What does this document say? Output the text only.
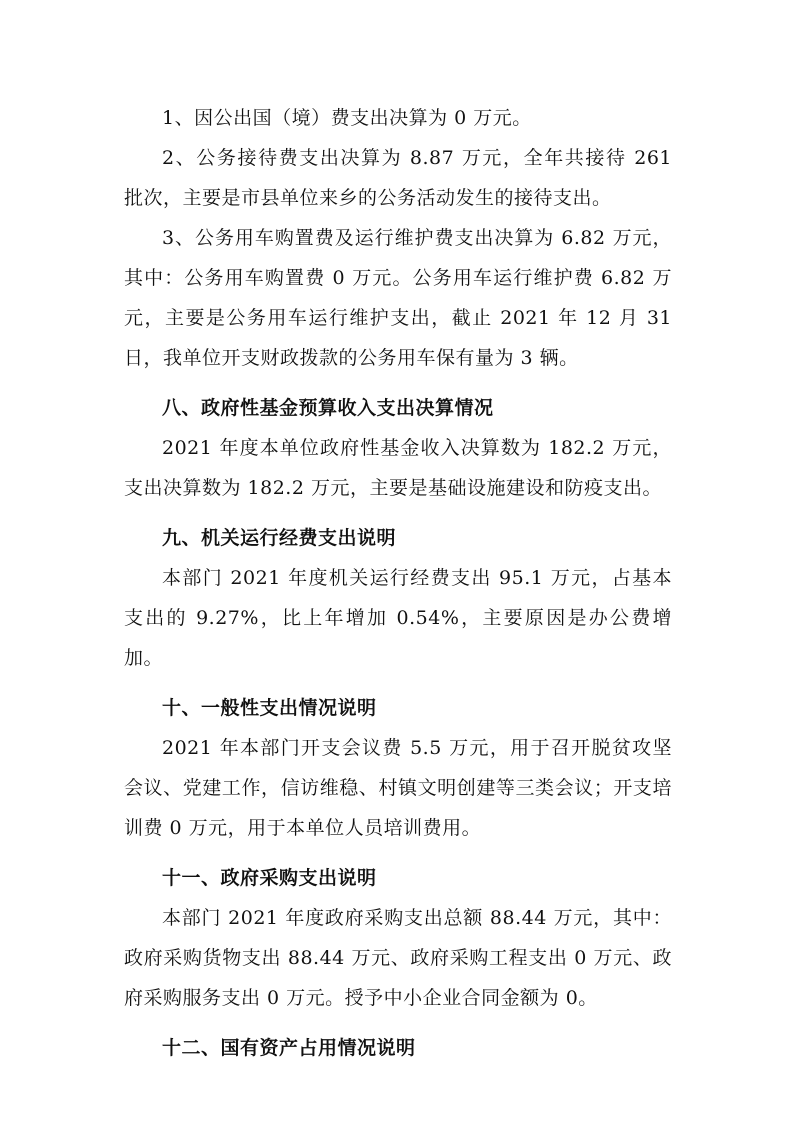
1、因公出国（境）费支出决算为 0 万元。

2、公务接待费支出决算为 8.87 万元，全年共接待 261 批次，主要是市县单位来乡的公务活动发生的接待支出。

3、公务用车购置费及运行维护费支出决算为 6.82 万元，其中：公务用车购置费 0 万元。公务用车运行维护费 6.82 万元，主要是公务用车运行维护支出，截止 2021 年 12 月 31 日，我单位开支财政拨款的公务用车保有量为 3 辆。

八、政府性基金预算收入支出决算情况

2021 年度本单位政府性基金收入决算数为 182.2 万元，支出决算数为 182.2 万元，主要是基础设施建设和防疫支出。

九、机关运行经费支出说明

本部门 2021 年度机关运行经费支出 95.1 万元，占基本支出的 9.27%，比上年增加 0.54%，主要原因是办公费增加。

十、一般性支出情况说明

2021 年本部门开支会议费 5.5 万元，用于召开脱贫攻坚会议、党建工作，信访维稳、村镇文明创建等三类会议；开支培训费 0 万元，用于本单位人员培训费用。

十一、政府采购支出说明

本部门 2021 年度政府采购支出总额 88.44 万元，其中：政府采购货物支出 88.44 万元、政府采购工程支出 0 万元、政府采购服务支出 0 万元。授予中小企业合同金额为 0。

十二、国有资产占用情况说明
